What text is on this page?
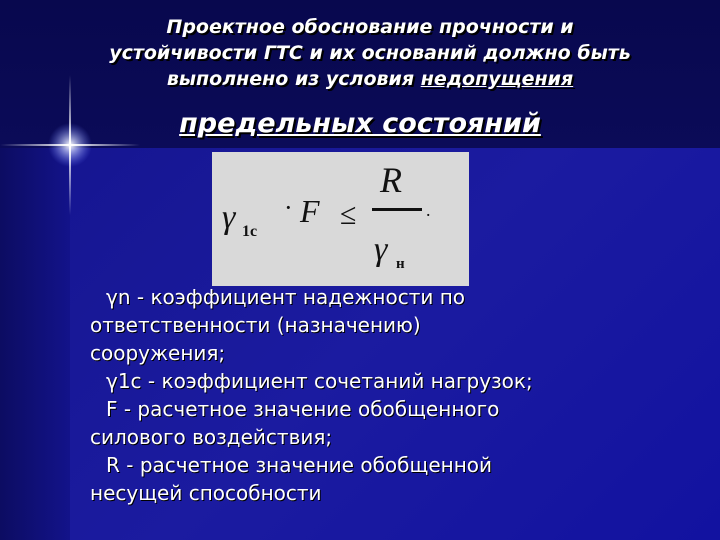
Проектное обоснование прочности и
устойчивости ГТС и их оснований должно быть
выполнено из условия недопущения
предельных состояний
γ 1c
· F ≤
R
γ н
.

γn - коэффициент надежности по

ответственности (назначению)

сооружения;

γ1c - коэффициент сочетаний нагрузок;

F - расчетное значение обобщенного

силового воздействия;

R - расчетное значение обобщенной

несущей способности
